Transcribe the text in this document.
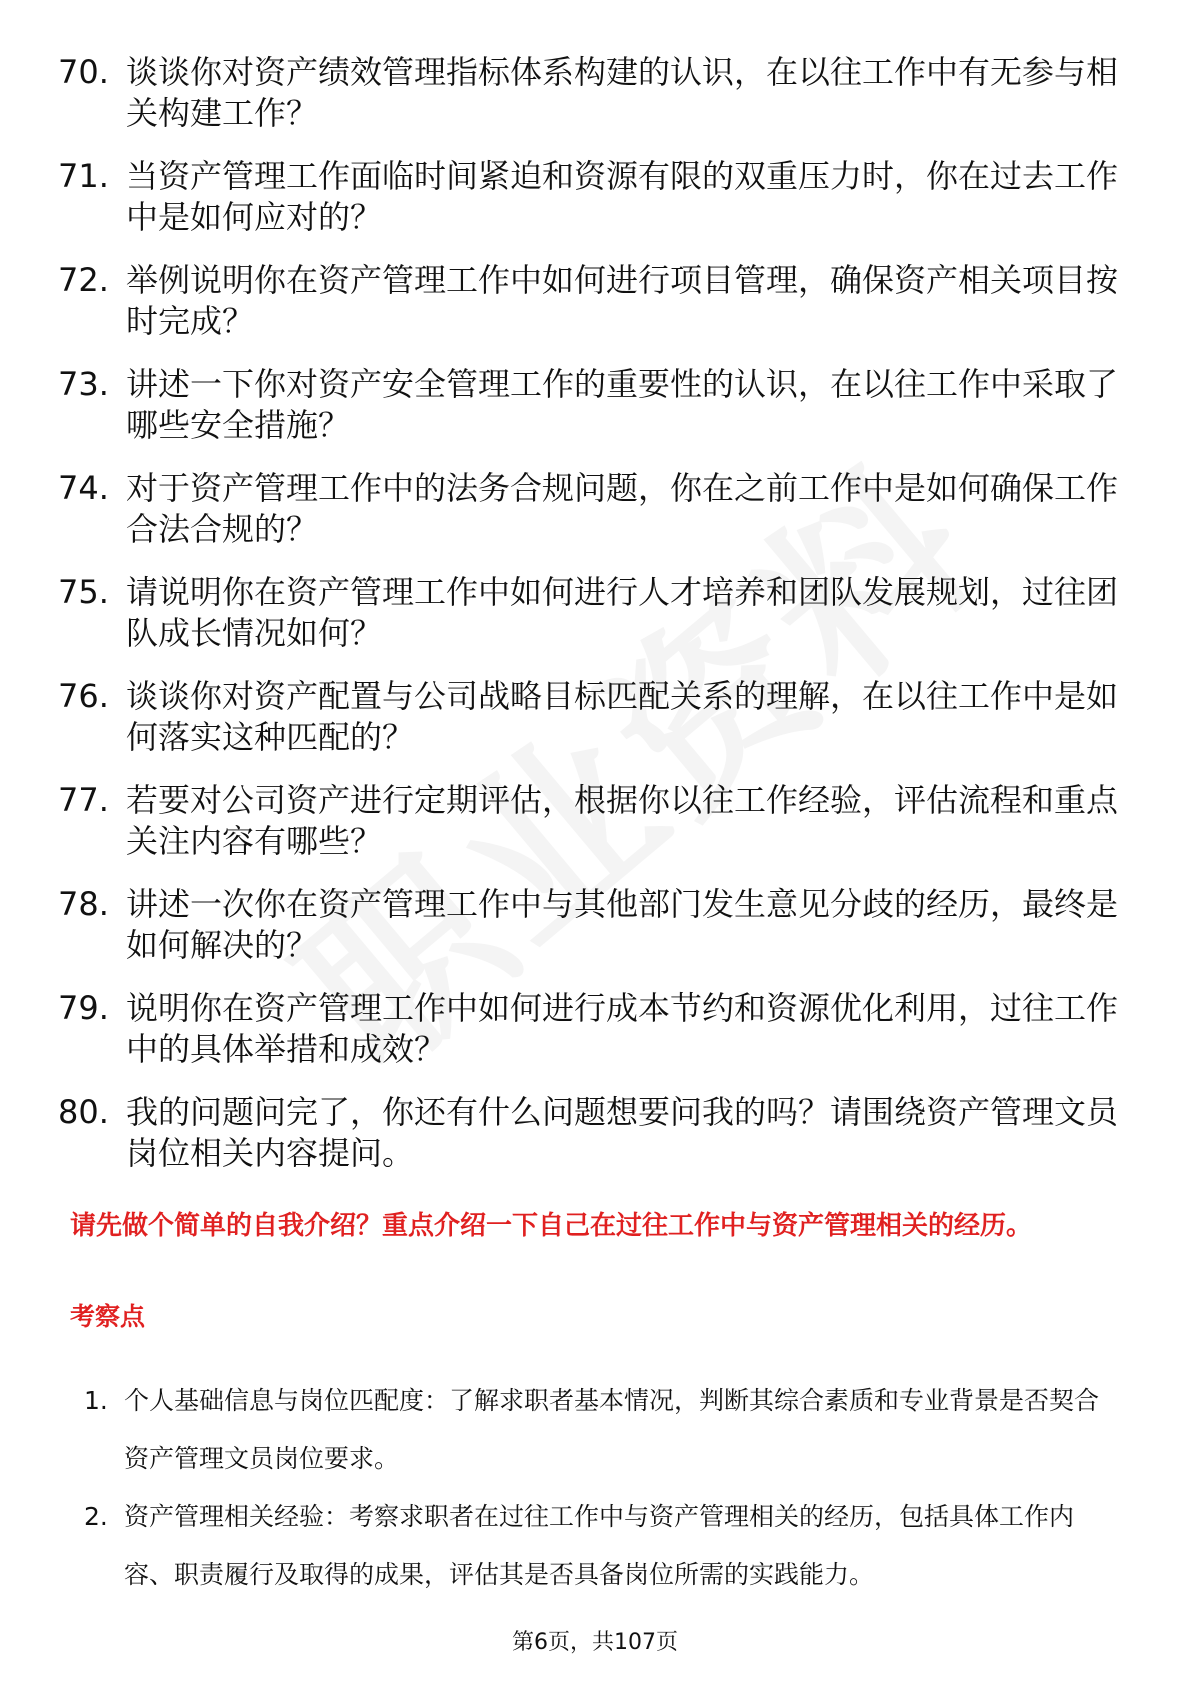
70. 谈谈你对资产绩效管理指标体系构建的认识，在以往工作中有无参与相关构建工作？
71. 当资产管理工作面临时间紧迫和资源有限的双重压力时，你在过去工作中是如何应对的？
72. 举例说明你在资产管理工作中如何进行项目管理，确保资产相关项目按时完成？
73. 讲述一下你对资产安全管理工作的重要性的认识，在以往工作中采取了哪些安全措施？
74. 对于资产管理工作中的法务合规问题，你在之前工作中是如何确保工作合法合规的？
75. 请说明你在资产管理工作中如何进行人才培养和团队发展规划，过往团队成长情况如何？
76. 谈谈你对资产配置与公司战略目标匹配关系的理解，在以往工作中是如何落实这种匹配的？
77. 若要对公司资产进行定期评估，根据你以往工作经验，评估流程和重点关注内容有哪些？
78. 讲述一次你在资产管理工作中与其他部门发生意见分歧的经历，最终是如何解决的？
79. 说明你在资产管理工作中如何进行成本节约和资源优化利用，过往工作中的具体举措和成效？
80. 我的问题问完了，你还有什么问题想要问我的吗？请围绕资产管理文员岗位相关内容提问。

请先做个简单的自我介绍？重点介绍一下自己在过往工作中与资产管理相关的经历。

考察点

1. 个人基础信息与岗位匹配度：了解求职者基本情况，判断其综合素质和专业背景是否契合资产管理文员岗位要求。
2. 资产管理相关经验：考察求职者在过往工作中与资产管理相关的经历，包括具体工作内容、职责履行及取得的成果，评估其是否具备岗位所需的实践能力。
第6页，共107页
